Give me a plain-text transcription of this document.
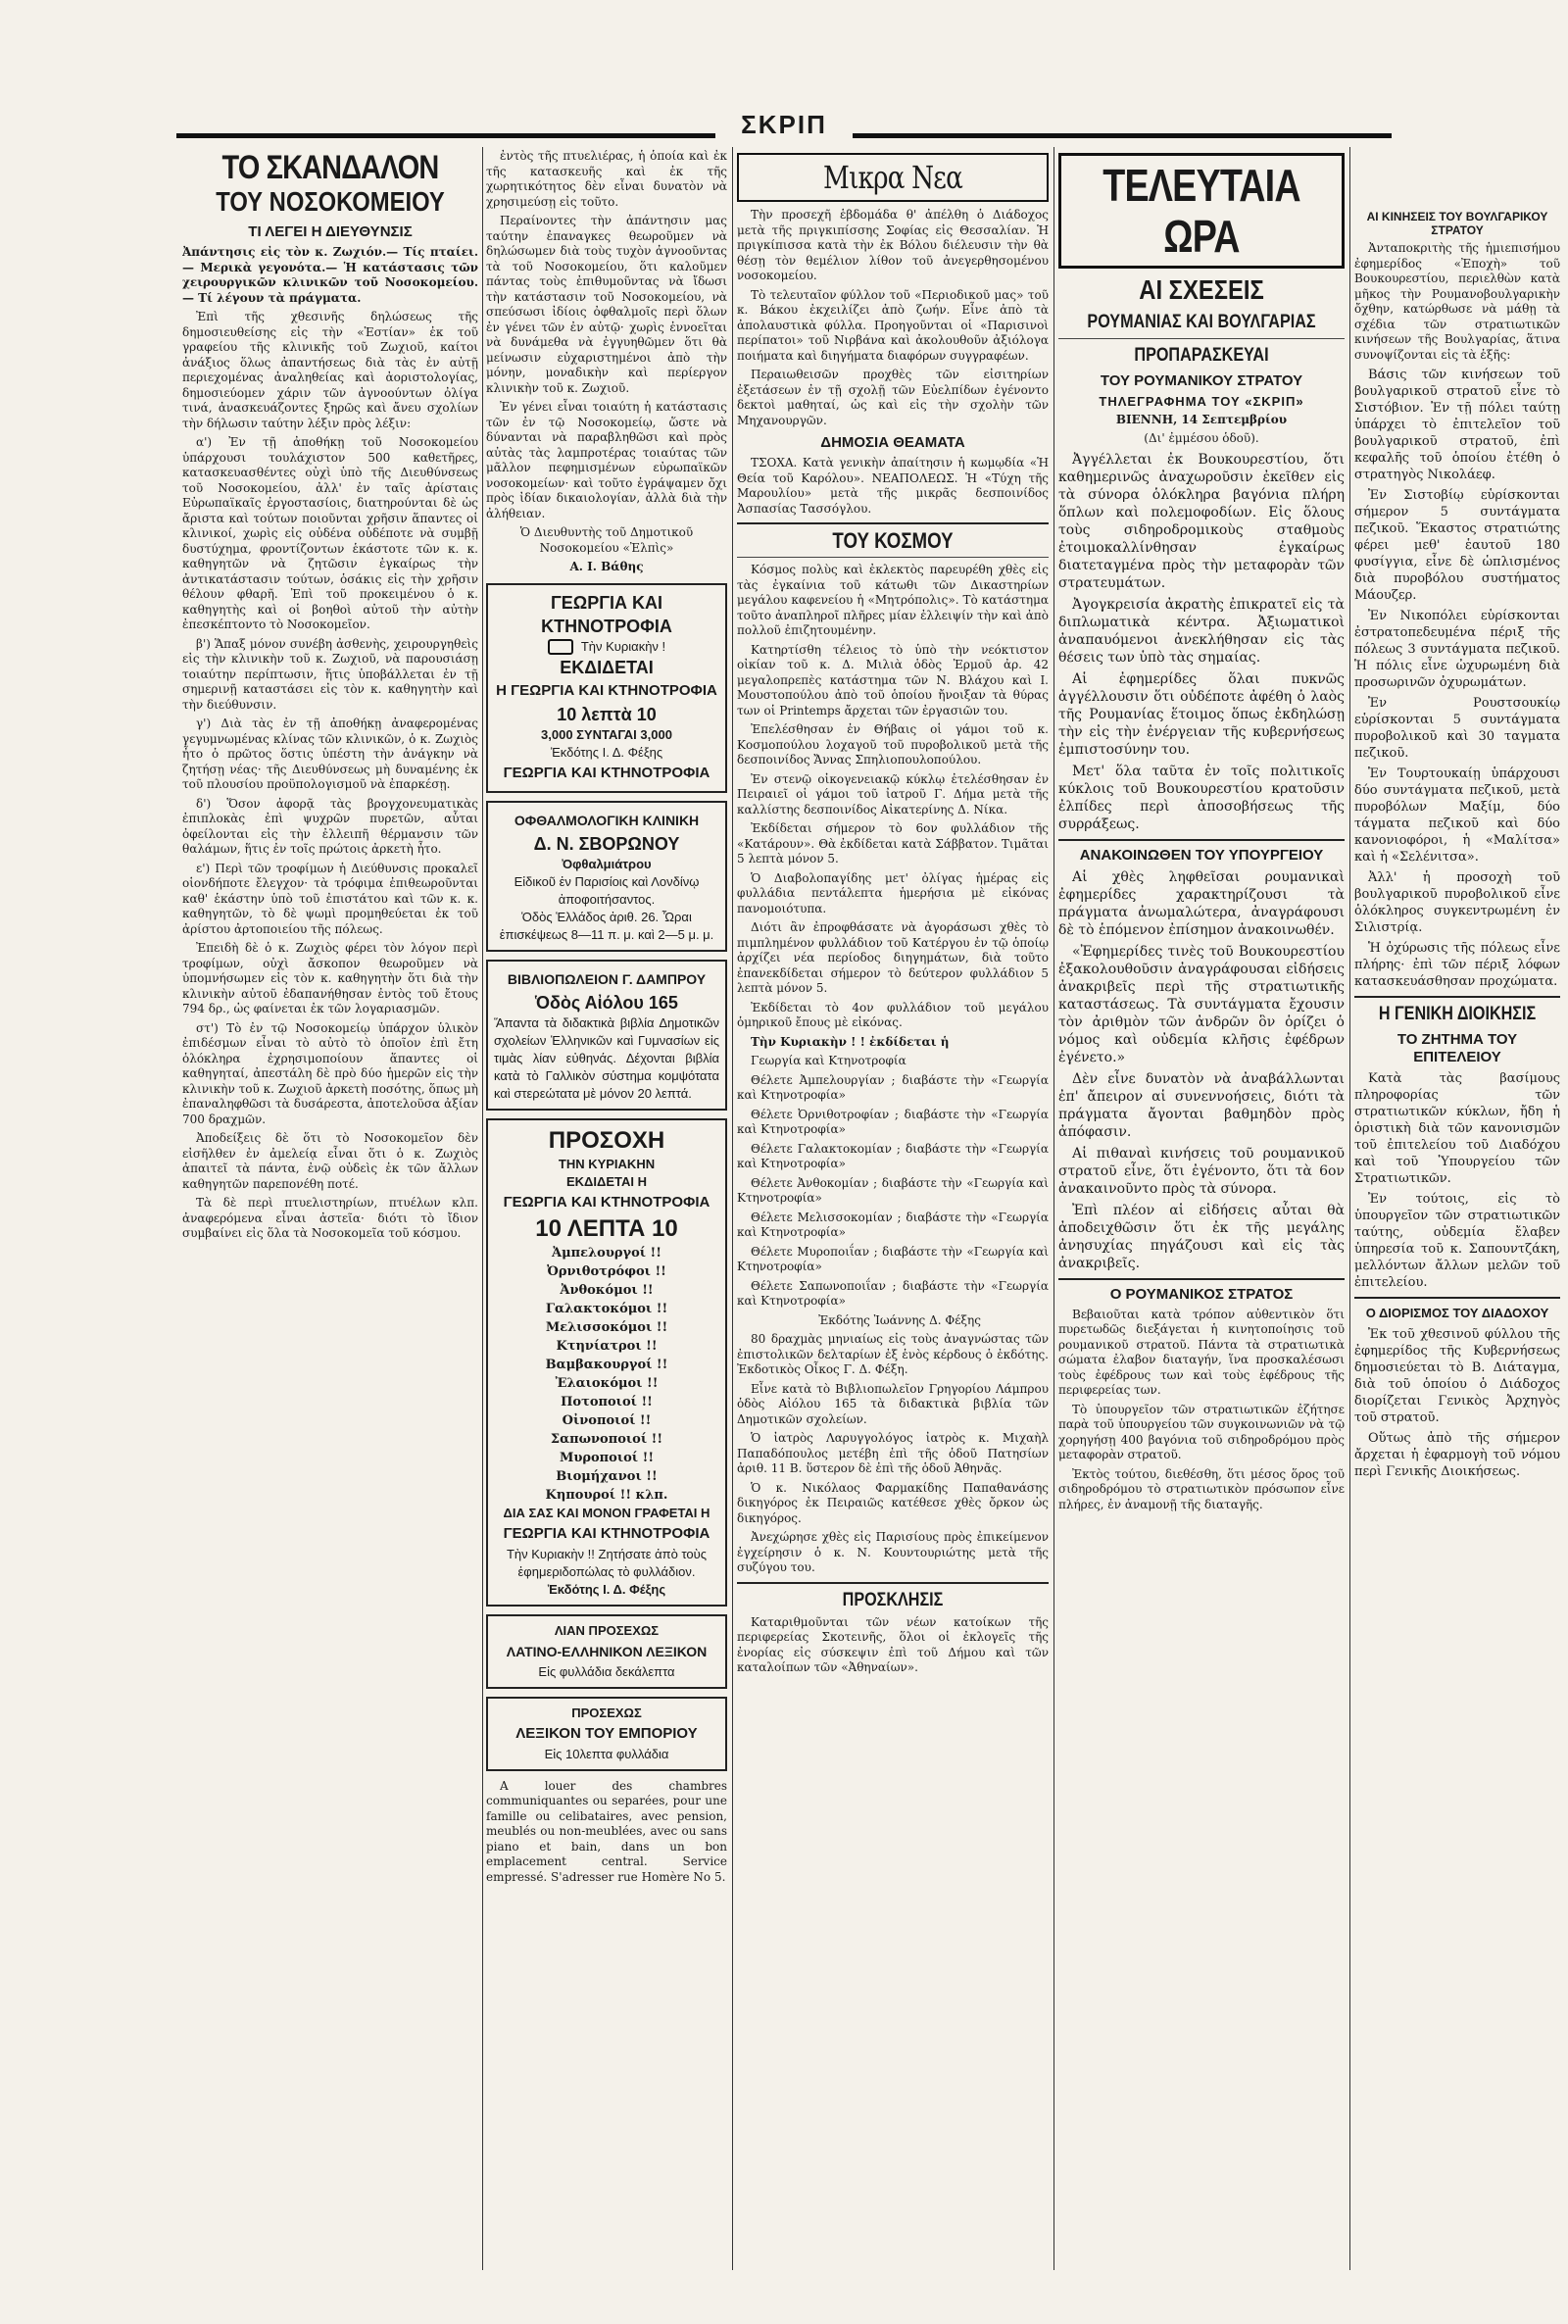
ΣΚΡΙΠ
ΤΟ ΣΚΑΝΔΑΛΟΝ
ΤΟΥ ΝΟΣΟΚΟΜΕΙΟΥ
ΤΙ ΛΕΓΕΙ Η ΔΙΕΥΘΥΝΣΙΣ

Ἀπάντησις εἰς τὸν κ. Ζωχιόν.— Τίς πταίει.— Μερικὰ γεγονότα.— Ἡ κατάστασις τῶν χειρουργικῶν κλινικῶν τοῦ Νοσοκομείου.— Τί λέγουν τὰ πράγματα.

Ἐπὶ τῆς χθεσινῆς δηλώσεως τῆς δημοσιευθείσης εἰς τὴν «Ἑστίαν» ἐκ τοῦ γραφείου τῆς κλινικῆς τοῦ Ζωχιοῦ, καίτοι ἀνάξιος ὅλως ἀπαντήσεως διὰ τὰς ἐν αὐτῇ περιεχομένας ἀναληθείας καὶ ἀοριστολογίας, δημοσιεύομεν χάριν τῶν ἀγνοούντων ὀλίγα τινά, ἀνασκευάζοντες ξηρῶς καὶ ἄνευ σχολίων τὴν δήλωσιν ταύτην λέξιν πρὸς λέξιν:

α') Ἐν τῇ ἀποθήκῃ τοῦ Νοσοκομείου ὑπάρχουσι τουλάχιστον 500 καθετῆρες, κατασκευασθέντες οὐχὶ ὑπὸ τῆς Διευθύνσεως τοῦ Νοσοκομείου, ἀλλ' ἐν ταῖς ἀρίσταις Εὐρωπαϊκαῖς ἐργοστασίοις, διατηρούνται δὲ ὡς ἄριστα καὶ τούτων ποιοῦνται χρῆσιν ἅπαντες οἱ κλινικοί, χωρὶς εἰς οὐδένα οὐδέποτε νὰ συμβῇ δυστύχημα, φροντίζοντων ἑκάστοτε τῶν κ. κ. καθηγητῶν νὰ ζητῶσιν ἐγκαίρως τὴν ἀντικατάστασιν τούτων, ὁσάκις εἰς τὴν χρῆσιν θέλουν φθαρῆ. Ἐπὶ τοῦ προκειμένου ὁ κ. καθηγητὴς καὶ οἱ βοηθοὶ αὐτοῦ τὴν αὐτὴν ἐπεσκέπτοντο τὸ Νοσοκομεῖον.

β') Ἅπαξ μόνον συνέβη ἀσθενὴς, χειρουργηθεὶς εἰς τὴν κλινικὴν τοῦ κ. Ζωχιοῦ, νὰ παρουσιάσῃ τοιαύτην περίπτωσιν, ἥτις ὑποβάλλεται ἐν τῇ σημερινῇ καταστάσει εἰς τὸν κ. καθηγητὴν καὶ τὴν διεύθυνσιν.

γ') Διὰ τὰς ἐν τῇ ἀποθήκῃ ἀναφερομένας γεγυμνωμένας κλίνας τῶν κλινικῶν, ὁ κ. Ζωχιὸς ἦτο ὁ πρῶτος ὅστις ὑπέστη τὴν ἀνάγκην νὰ ζητήσῃ νέας· τῆς Διευθύνσεως μὴ δυναμένης ἐκ τοῦ πλουσίου προϋπολογισμοῦ νὰ ἐπαρκέσῃ.

δ') Ὅσον ἀφορᾷ τὰς βρογχονευματικὰς ἐπιπλοκὰς ἐπὶ ψυχρῶν πυρετῶν, αὗται ὀφείλονται εἰς τὴν ἐλλειπῆ θέρμανσιν τῶν θαλάμων, ἥτις ἐν τοῖς πρώτοις ἀρκετὴ ἦτο.

ε') Περὶ τῶν τροφίμων ἡ Διεύθυνσις προκαλεῖ οἱονδήποτε ἔλεγχον· τὰ τρόφιμα ἐπιθεωροῦνται καθ' ἑκάστην ὑπὸ τοῦ ἐπιστάτου καὶ τῶν κ. κ. καθηγητῶν, τὸ δὲ ψωμὶ προμηθεύεται ἐκ τοῦ ἀρίστου ἀρτοποιείου τῆς πόλεως.

Ἐπειδὴ δὲ ὁ κ. Ζωχιὸς φέρει τὸν λόγον περὶ τροφίμων, οὐχὶ ἄσκοπον θεωροῦμεν νὰ ὑπομνήσωμεν εἰς τὸν κ. καθηγητὴν ὅτι διὰ τὴν κλινικὴν αὐτοῦ ἐδαπανήθησαν ἐντὸς τοῦ ἔτους 794 δρ., ὡς φαίνεται ἐκ τῶν λογαριασμῶν.

στ') Τὸ ἐν τῷ Νοσοκομείῳ ὑπάρχον ὑλικὸν ἐπιδέσμων εἶναι τὸ αὐτὸ τὸ ὁποῖον ἐπὶ ἔτη ὁλόκληρα ἐχρησιμοποίουν ἅπαντες οἱ καθηγηταί, ἀπεστάλη δὲ πρὸ δύο ἡμερῶν εἰς τὴν κλινικὴν τοῦ κ. Ζωχιοῦ ἀρκετὴ ποσότης, ὅπως μὴ ἐπαναληφθῶσι τὰ δυσάρεστα, ἀποτελοῦσα ἀξίαν 700 δραχμῶν.

Ἀποδείξεις δὲ ὅτι τὸ Νοσοκομεῖον δὲν εἰσῆλθεν ἐν ἀμελείᾳ εἶναι ὅτι ὁ κ. Ζωχιὸς ἀπαιτεῖ τὰ πάντα, ἐνῷ οὐδεὶς ἐκ τῶν ἄλλων καθηγητῶν παρεπονέθη ποτέ.

Τὰ δὲ περὶ πτυελιστηρίων, πτυέλων κλπ. ἀναφερόμενα εἶναι ἀστεῖα· διότι τὸ ἴδιον συμβαίνει εἰς ὅλα τὰ Νοσοκομεῖα τοῦ κόσμου.

ἐντὸς τῆς πτυελιέρας, ἡ ὁποία καὶ ἐκ τῆς κατασκευῆς καὶ ἐκ τῆς χωρητικότητος δὲν εἶναι δυνατὸν νὰ χρησιμεύσῃ εἰς τοῦτο.

Περαίνοντες τὴν ἀπάντησιν μας ταύτην ἐπαναγκες θεωροῦμεν νὰ δηλώσωμεν διὰ τοὺς τυχὸν ἀγνοοῦντας τὰ τοῦ Νοσοκομείου, ὅτι καλοῦμεν πάντας τοὺς ἐπιθυμοῦντας νὰ ἴδωσι τὴν κατάστασιν τοῦ Νοσοκομείου, νὰ σπεύσωσι ἰδίοις ὀφθαλμοῖς περὶ ὅλων ἐν γένει τῶν ἐν αὐτῷ· χωρὶς ἐννοεῖται νὰ δυνάμεθα νὰ ἐγγυηθῶμεν ὅτι θὰ μείνωσιν εὐχαριστημένοι ἀπὸ τὴν μόνην, μοναδικὴν καὶ περίεργον κλινικὴν τοῦ κ. Ζωχιοῦ.

Ἐν γένει εἶναι τοιαύτη ἡ κατάστασις τῶν ἐν τῷ Νοσοκομείῳ, ὥστε νὰ δύνανται νὰ παραβληθῶσι καὶ πρὸς αὐτὰς τὰς λαμπροτέρας τοιαύτας τῶν μᾶλλον πεφημισμένων εὐρωπαϊκῶν νοσοκομείων· καὶ τοῦτο ἐγράψαμεν ὄχι πρὸς ἰδίαν δικαιολογίαν, ἀλλὰ διὰ τὴν ἀλήθειαν.

Ὁ Διευθυντὴς τοῦ Δημοτικοῦ Νοσοκομείου «Ἐλπὶς»

Α. Ι. Βάθης

ΓΕΩΡΓΙΑ ΚΑΙ ΚΤΗΝΟΤΡΟΦΙΑ
Τὴν Κυριακὴν !
ΕΚΔΙΔΕΤΑΙ
Η ΓΕΩΡΓΙΑ ΚΑΙ ΚΤΗΝΟΤΡΟΦΙΑ
10 λεπτὰ 10
3,000 ΣΥΝΤΑΓΑΙ 3,000
Ἐκδότης Ι. Δ. Φέξης
ΓΕΩΡΓΙΑ ΚΑΙ ΚΤΗΝΟΤΡΟΦΙΑ
ΟΦΘΑΛΜΟΛΟΓΙΚΗ ΚΛΙΝΙΚΗ
Δ. Ν. ΣΒΟΡΩΝΟΥ
Ὀφθαλμιάτρου
Εἰδικοῦ ἐν Παρισίοις καὶ Λονδίνῳ ἀποφοιτήσαντος.
Ὁδὸς Ἑλλάδος ἀριθ. 26. Ὧραι ἐπισκέψεως 8—11 π. μ. καὶ 2—5 μ. μ.
ΒΙΒΛΙΟΠΩΛΕΙΟΝ Γ. ΔΑΜΠΡΟΥ
Ὁδὸς Αἰόλου 165
Ἅπαντα τὰ διδακτικὰ βιβλία Δημοτικῶν σχολείων Ἑλληνικῶν καὶ Γυμνασίων εἰς τιμὰς λίαν εὐθηνάς. Δέχονται βιβλία κατὰ τὸ Γαλλικὸν σύστημα κομψότατα καὶ στερεώτατα μὲ μόνον 20 λεπτά.
ΠΡΟΣΟΧΗ
ΤΗΝ ΚΥΡΙΑΚΗΝ
ΕΚΔΙΔΕΤΑΙ Η
ΓΕΩΡΓΙΑ ΚΑΙ ΚΤΗΝΟΤΡΟΦΙΑ
10 ΛΕΠΤΑ 10
Ἀμπελουργοί !!
Ὀρνιθοτρόφοι !!
Ἀνθοκόμοι !!
Γαλακτοκόμοι !!
Μελισσοκόμοι !!
Κτηνίατροι !!
Βαμβακουργοί !!
Ἐλαιοκόμοι !!
Ποτοποιοί !!
Οἰνοποιοί !!
Σαπωνοποιοί !!
Μυροποιοί !!
Βιομήχανοι !!
Κηπουροί !! κλπ.
ΔΙΑ ΣΑΣ ΚΑΙ ΜΟΝΟΝ ΓΡΑΦΕΤΑΙ Η
ΓΕΩΡΓΙΑ ΚΑΙ ΚΤΗΝΟΤΡΟΦΙΑ
Τὴν Κυριακὴν !! Ζητήσατε ἀπὸ τοὺς ἐφημεριδοπώλας τὸ φυλλάδιον.
Ἐκδότης Ι. Δ. Φέξης
ΛΙΑΝ ΠΡΟΣΕΧΩΣ
ΛΑΤΙΝΟ-ΕΛΛΗΝΙΚΟΝ ΛΕΞΙΚΟΝ
Εἰς φυλλάδια δεκάλεπτα
ΠΡΟΣΕΧΩΣ
ΛΕΞΙΚΟΝ ΤΟΥ ΕΜΠΟΡΙΟΥ
Εἰς 10λεπτα φυλλάδια

A louer des chambres communiquantes ou separées, pour une famille ou celibataires, avec pension, meublés ou non-meublées, avec ou sans piano et bain, dans un bon emplacement central. Service empressé. S'adresser rue Homère No 5.

Μικρα Νεα

Τὴν προσεχῆ ἑβδομάδα θ' ἀπέλθη ὁ Διάδοχος μετὰ τῆς πριγκιπίσσης Σοφίας εἰς Θεσσαλίαν. Ἡ πριγκίπισσα κατὰ τὴν ἐκ Βόλου διέλευσιν τὴν θὰ θέσῃ τὸν θεμέλιον λίθον τοῦ ἀνεγερθησομένου νοσοκομείου.

Τὸ τελευταῖον φύλλον τοῦ «Περιοδικοῦ μας» τοῦ κ. Βάκου ἐκχειλίζει ἀπὸ ζωήν. Εἶνε ἀπὸ τὰ ἀπολαυστικὰ φύλλα. Προηγοῦνται οἱ «Παρισινοὶ περίπατοι» τοῦ Νιρβάνα καὶ ἀκολουθοῦν ἀξιόλογα ποιήματα καὶ διηγήματα διαφόρων συγγραφέων.

Περαιωθεισῶν προχθὲς τῶν εἰσιτηρίων ἐξετάσεων ἐν τῇ σχολῇ τῶν Εὐελπίδων ἐγένοντο δεκτοὶ μαθηταί, ὡς καὶ εἰς τὴν σχολὴν τῶν Μηχανουργῶν.

ΔΗΜΟΣΙΑ ΘΕΑΜΑΤΑ

ΤΣΟΧΑ. Κατὰ γενικὴν ἀπαίτησιν ἡ κωμῳδία «Ἡ Θεία τοῦ Καρόλου». ΝΕΑΠΟΛΕΩΣ. Ἡ «Τύχη τῆς Μαρουλίου» μετὰ τῆς μικρᾶς δεσποινίδος Ἀσπασίας Τασσόγλου.

ΤΟΥ ΚΟΣΜΟΥ

Κόσμος πολὺς καὶ ἐκλεκτὸς παρευρέθη χθὲς εἰς τὰς ἐγκαίνια τοῦ κάτωθι τῶν Δικαστηρίων μεγάλου καφενείου ἡ «Μητρόπολις». Τὸ κατάστημα τοῦτο ἀναπληροῖ πλῆρες μίαν ἐλλειψίν τὴν καὶ ἀπὸ πολλοῦ ἐπιζητουμένην.

Κατηρτίσθη τέλειος τὸ ὑπὸ τὴν νεόκτιστον οἰκίαν τοῦ κ. Δ. Μιλιὰ ὁδὸς Ἑρμοῦ ἀρ. 42 μεγαλοπρεπὲς κατάστημα τῶν Ν. Βλάχου καὶ Ι. Μουστοπούλου ἀπὸ τοῦ ὁποίου ἤνοιξαν τὰ θύρας των οἱ Printemps ἄρχεται τῶν ἐργασιῶν του.

Ἐπελέσθησαν ἐν Θήβαις οἱ γάμοι τοῦ κ. Κοσμοπούλου λοχαγοῦ τοῦ πυροβολικοῦ μετὰ τῆς δεσποινίδος Ἄννας Σπηλιοπουλοπούλου.

Ἐν στενῷ οἰκογενειακῷ κύκλῳ ἐτελέσθησαν ἐν Πειραιεῖ οἱ γάμοι τοῦ ἰατροῦ Γ. Δήμα μετὰ τῆς καλλίστης δεσποινίδος Αἰκατερίνης Δ. Νίκα.

Ἐκδίδεται σήμερον τὸ 6ον φυλλάδιον τῆς «Κατάρουν». Θὰ ἐκδίδεται κατὰ Σάββατον. Τιμᾶται 5 λεπτὰ μόνον 5.

Ὁ Διαβολοπαγίδης μετ' ὀλίγας ἡμέρας εἰς φυλλάδια πεντάλεπτα ἡμερήσια μὲ εἰκόνας πανομοιότυπα.

Διότι ἂν ἐπροφθάσατε νὰ ἀγοράσωσι χθὲς τὸ πιμπλημένον φυλλάδιον τοῦ Κατέργου ἐν τῷ ὁποίῳ ἀρχίζει νέα περίοδος διηγημάτων, διὰ τοῦτο ἐπανεκδίδεται σήμερον τὸ δεύτερον φυλλάδιον 5 λεπτὰ μόνον 5.

Ἐκδίδεται τὸ 4ον φυλλάδιον τοῦ μεγάλου ὁμηρικοῦ ἔπους μὲ εἰκόνας.

Τὴν Κυριακὴν ! ! ἐκδίδεται ἡ

Γεωργία καὶ Κτηνοτροφία

Θέλετε Ἀμπελουργίαν ; διαβάστε τὴν «Γεωργία καὶ Κτηνοτροφία»

Θέλετε Ὀρνιθοτροφίαν ; διαβάστε τὴν «Γεωργία καὶ Κτηνοτροφία»

Θέλετε Γαλακτοκομίαν ; διαβάστε τὴν «Γεωργία καὶ Κτηνοτροφία»

Θέλετε Ἀνθοκομίαν ; διαβάστε τὴν «Γεωργία καὶ Κτηνοτροφία»

Θέλετε Μελισσοκομίαν ; διαβάστε τὴν «Γεωργία καὶ Κτηνοτροφία»

Θέλετε Μυροποιΐαν ; διαβάστε τὴν «Γεωργία καὶ Κτηνοτροφία»

Θέλετε Σαπωνοποιΐαν ; διαβάστε τὴν «Γεωργία καὶ Κτηνοτροφία»

Ἐκδότης Ἰωάννης Δ. Φέξης

80 δραχμὰς μηνιαίως εἰς τοὺς ἀναγνώστας τῶν ἐπιστολικῶν δελταρίων ἐξ ἑνὸς κέρδους ὁ ἐκδότης. Ἐκδοτικὸς Οἶκος Γ. Δ. Φέξη.

Εἶνε κατὰ τὸ Βιβλιοπωλεῖον Γρηγορίου Λάμπρου ὁδὸς Αἰόλου 165 τὰ διδακτικὰ βιβλία τῶν Δημοτικῶν σχολείων.

Ὁ ἰατρὸς Λαρυγγολόγος ἰατρὸς κ. Μιχαὴλ Παπαδόπουλος μετέβη ἐπὶ τῆς ὁδοῦ Πατησίων ἀριθ. 11 Β. ὕστερον δὲ ἐπὶ τῆς ὁδοῦ Ἀθηνᾶς.

Ὁ κ. Νικόλαος Φαρμακίδης Παπαθανάσης δικηγόρος ἐκ Πειραιῶς κατέθεσε χθὲς ὄρκον ὡς δικηγόρος.

Ἀνεχώρησε χθὲς εἰς Παρισίους πρὸς ἐπικείμενον ἐγχείρησιν ὁ κ. Ν. Κουντουριώτης μετὰ τῆς συζύγου του.

ΠΡΟΣΚΛΗΣΙΣ

Καταριθμοῦνται τῶν νέων κατοίκων τῆς περιφερείας Σκοτεινῆς, ὅλοι οἱ ἐκλογεῖς τῆς ἐνορίας εἰς σύσκεψιν ἐπὶ τοῦ Δήμου καὶ τῶν καταλοίπων τῶν «Ἀθηναίων».

ΤΕΛΕΥΤΑΙΑ ΩΡΑ
ΑΙ ΣΧΕΣΕΙΣ
ΡΟΥΜΑΝΙΑΣ ΚΑΙ ΒΟΥΛΓΑΡΙΑΣ
ΠΡΟΠΑΡΑΣΚΕΥΑΙ
ΤΟΥ ΡΟΥΜΑΝΙΚΟΥ ΣΤΡΑΤΟΥ
ΤΗΛΕΓΡΑΦΗΜΑ ΤΟΥ «ΣΚΡΙΠ»

ΒΙΕΝΝΗ, 14 Σεπτεμβρίου

(Δι' ἐμμέσου ὁδοῦ).

Ἀγγέλλεται ἐκ Βουκουρεστίου, ὅτι καθημερινῶς ἀναχωροῦσιν ἐκεῖθεν εἰς τὰ σύνορα ὁλόκληρα βαγόνια πλήρη ὅπλων καὶ πολεμοφοδίων. Εἰς ὅλους τοὺς σιδηροδρομικοὺς σταθμοὺς ἐτοιμοκαλλίνθησαν ἐγκαίρως διατεταγμένα πρὸς τὴν μεταφορὰν τῶν στρατευμάτων.

Ἀγογκρεισία ἀκρατὴς ἐπικρατεῖ εἰς τὰ διπλωματικὰ κέντρα. Ἀξιωματικοὶ ἀναπαυόμενοι ἀνεκλήθησαν εἰς τὰς θέσεις των ὑπὸ τὰς σημαίας.

Αἱ ἐφημερίδες ὅλαι πυκνῶς ἀγγέλλουσιν ὅτι οὐδέποτε ἀφέθη ὁ λαὸς τῆς Ρουμανίας ἕτοιμος ὅπως ἐκδηλώσῃ τὴν εἰς τὴν ἐνέργειαν τῆς κυβερνήσεως ἐμπιστοσύνην του.

Μετ' ὅλα ταῦτα ἐν τοῖς πολιτικοῖς κύκλοις τοῦ Βουκουρεστίου κρατοῦσιν ἐλπίδες περὶ ἀποσοβήσεως τῆς συρράξεως.

ΑΝΑΚΟΙΝΩΘΕΝ ΤΟΥ ΥΠΟΥΡΓΕΙΟΥ

Αἱ χθὲς ληφθεῖσαι ρουμανικαὶ ἐφημερίδες χαρακτηρίζουσι τὰ πράγματα ἀνωμαλώτερα, ἀναγράφουσι δὲ τὸ ἑπόμενον ἐπίσημον ἀνακοινωθέν.

«Ἐφημερίδες τινὲς τοῦ Βουκουρεστίου ἐξακολουθοῦσιν ἀναγράφουσαι εἰδήσεις ἀνακριβεῖς περὶ τῆς στρατιωτικῆς καταστάσεως. Τὰ συντάγματα ἔχουσιν τὸν ἀριθμὸν τῶν ἀνδρῶν ὃν ὁρίζει ὁ νόμος καὶ οὐδεμία κλῆσις ἐφέδρων ἐγένετο.»

Δὲν εἶνε δυνατὸν νὰ ἀναβάλλωνται ἐπ' ἄπειρον αἱ συνεννοήσεις, διότι τὰ πράγματα ἄγονται βαθμηδὸν πρὸς ἀπόφασιν.

Αἱ πιθαναὶ κινήσεις τοῦ ρουμανικοῦ στρατοῦ εἶνε, ὅτι ἐγένοντο, ὅτι τὰ 6ον ἀνακαινοῦντο πρὸς τὰ σύνορα.

Ἐπὶ πλέον αἱ εἰδήσεις αὗται θὰ ἀποδειχθῶσιν ὅτι ἐκ τῆς μεγάλης ἀνησυχίας πηγάζουσι καὶ εἰς τὰς ἀνακριβεῖς.

Ο ΡΟΥΜΑΝΙΚΟΣ ΣΤΡΑΤΟΣ

Βεβαιοῦται κατὰ τρόπον αὐθεντικὸν ὅτι πυρετωδῶς διεξάγεται ἡ κινητοποίησις τοῦ ρουμανικοῦ στρατοῦ. Πάντα τὰ στρατιωτικὰ σώματα ἐλαβον διαταγήν, ἵνα προσκαλέσωσι τοὺς ἐφέδρους των καὶ τοὺς ἐφέδρους τῆς περιφερείας των.

Τὸ ὑπουργεῖον τῶν στρατιωτικῶν ἐζήτησε παρὰ τοῦ ὑπουργείου τῶν συγκοινωνιῶν νὰ τῷ χορηγήσῃ 400 βαγόνια τοῦ σιδηροδρόμου πρὸς μεταφορὰν στρατοῦ.

Ἐκτὸς τούτου, διεθέσθη, ὅτι μέσος ὅρος τοῦ σιδηροδρόμου τὸ στρατιωτικὸν πρόσωπον εἶνε πλήρες, ἐν ἀναμονῇ τῆς διαταγῆς.

ΑΙ ΚΙΝΗΣΕΙΣ ΤΟΥ ΒΟΥΛΓΑΡΙΚΟΥ ΣΤΡΑΤΟΥ

Ἀνταποκριτὴς τῆς ἡμιεπισήμου ἐφημερίδος «Ἐποχὴ» τοῦ Βουκουρεστίου, περιελθὼν κατὰ μῆκος τὴν Ρουμανοβουλγαρικὴν ὄχθην, κατώρθωσε νὰ μάθῃ τὰ σχέδια τῶν στρατιωτικῶν κινήσεων τῆς Βουλγαρίας, ἅτινα συνοψίζονται εἰς τὰ ἑξῆς:

Βάσις τῶν κινήσεων τοῦ βουλγαρικοῦ στρατοῦ εἶνε τὸ Σιστόβιον. Ἐν τῇ πόλει ταύτῃ ὑπάρχει τὸ ἐπιτελεῖον τοῦ βουλγαρικοῦ στρατοῦ, ἐπὶ κεφαλῆς τοῦ ὁποίου ἐτέθη ὁ στρατηγὸς Νικολάεφ.

Ἐν Σιστοβίῳ εὑρίσκονται σήμερον 5 συντάγματα πεζικοῦ. Ἕκαστος στρατιώτης φέρει μεθ' ἑαυτοῦ 180 φυσίγγια, εἶνε δὲ ὡπλισμένος διὰ πυροβόλου συστήματος Μάουζερ.

Ἐν Νικοπόλει εὑρίσκονται ἐστρατοπεδευμένα πέριξ τῆς πόλεως 3 συντάγματα πεζικοῦ. Ἡ πόλις εἶνε ὠχυρωμένη διὰ προσωρινῶν ὀχυρωμάτων.

Ἐν Ρουστσουκίῳ εὑρίσκονται 5 συντάγματα πυροβολικοῦ καὶ 30 ταγματα πεζικοῦ.

Ἐν Τουρτουκαίῃ ὑπάρχουσι δύο συντάγματα πεζικοῦ, μετὰ πυροβόλων Μαξίμ, δύο τάγματα πεζικοῦ καὶ δύο κανονιοφόροι, ἡ «Μαλίτσα» καὶ ἡ «Σελένιτσα».

Ἀλλ' ἡ προσοχὴ τοῦ βουλγαρικοῦ πυροβολικοῦ εἶνε ὁλόκληρος συγκεντρωμένη ἐν Σιλιστρίᾳ.

Ἡ ὀχύρωσις τῆς πόλεως εἶνε πλήρης· ἐπὶ τῶν πέριξ λόφων κατασκευάσθησαν προχώματα.

Η ΓΕΝΙΚΗ ΔΙΟΙΚΗΣΙΣ
ΤΟ ΖΗΤΗΜΑ ΤΟΥ ΕΠΙΤΕΛΕΙΟΥ

Κατὰ τὰς βασίμους πληροφορίας τῶν στρατιωτικῶν κύκλων, ἤδη ἡ ὁριστικὴ διὰ τῶν κανονισμῶν τοῦ ἐπιτελείου τοῦ Διαδόχου καὶ τοῦ Ὑπουργείου τῶν Στρατιωτικῶν.

Ἐν τούτοις, εἰς τὸ ὑπουργεῖον τῶν στρατιωτικῶν ταύτης, οὐδεμία ἔλαβεν ὑπηρεσία τοῦ κ. Σαπουντζάκη, μελλόντων ἄλλων μελῶν τοῦ ἐπιτελείου.

Ο ΔΙΟΡΙΣΜΟΣ ΤΟΥ ΔΙΑΔΟΧΟΥ

Ἐκ τοῦ χθεσινοῦ φύλλου τῆς ἐφημερίδος τῆς Κυβερνήσεως δημοσιεύεται τὸ Β. Διάταγμα, διὰ τοῦ ὁποίου ὁ Διάδοχος διορίζεται Γενικὸς Ἀρχηγὸς τοῦ στρατοῦ.

Οὕτως ἀπὸ τῆς σήμερον ἄρχεται ἡ ἐφαρμογὴ τοῦ νόμου περὶ Γενικῆς Διοικήσεως.
